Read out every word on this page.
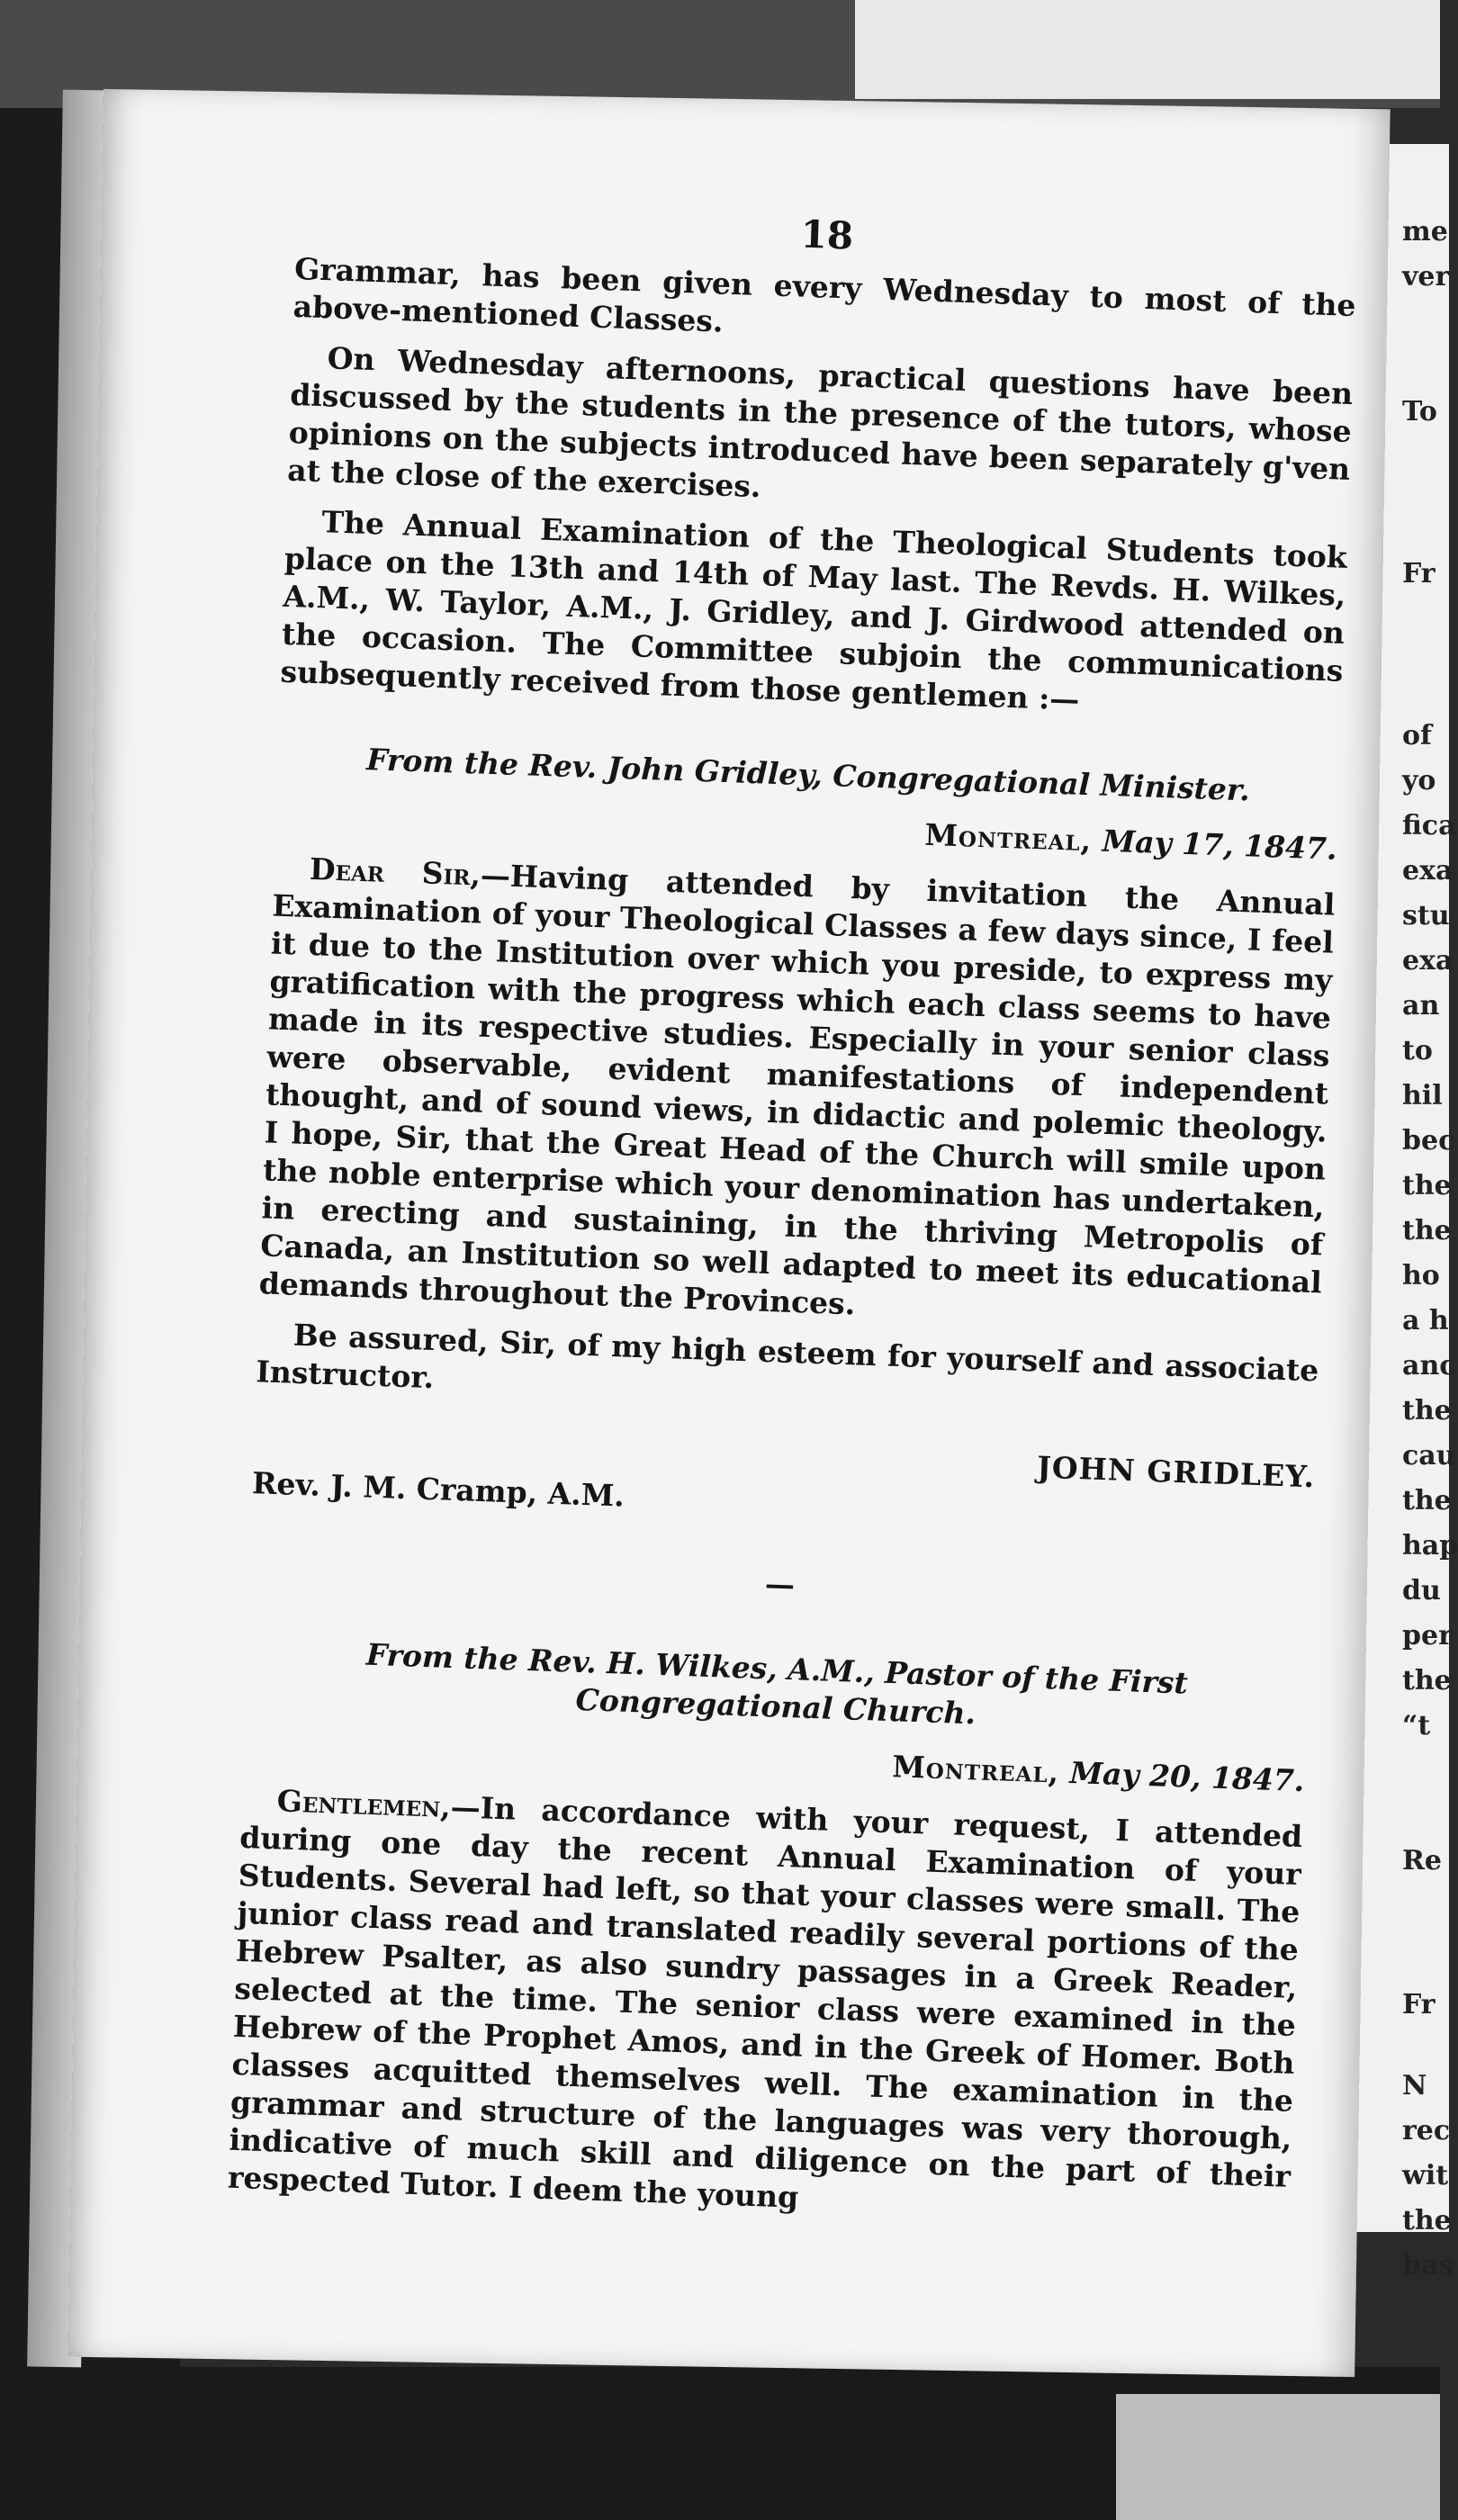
me
ver
To
Fr
of
yo
fica
exa
stu
exa
an
to
hil
bec
the
the
ho
a h
anc
the
cau
the
hap
du
per
the
“t
Re
Fr
N
rec
wit
the
bas
18

Grammar, has been given every Wednesday to most of the above-mentioned Classes.

On Wednesday afternoons, practical questions have been discussed by the students in the presence of the tutors, whose opinions on the subjects introduced have been separately g'ven at the close of the exercises.

The Annual Examination of the Theological Students took place on the 13th and 14th of May last. The Revds. H. Wilkes, A.M., W. Taylor, A.M., J. Gridley, and J. Girdwood attended on the occasion. The Committee subjoin the communications subsequently received from those gentlemen :—

From the Rev. John Gridley, Congregational Minister.
Montreal, May 17, 1847.

Dear Sir,—Having attended by invitation the Annual Examination of your Theological Classes a few days since, I feel it due to the Institution over which you preside, to express my gratification with the progress which each class seems to have made in its respective studies. Especially in your senior class were observable, evident manifestations of independent thought, and of sound views, in didactic and polemic theology. I hope, Sir, that the Great Head of the Church will smile upon the noble enterprise which your denomination has undertaken, in erecting and sustaining, in the thriving Metropolis of Canada, an Institution so well adapted to meet its educational demands throughout the Provinces.

Be assured, Sir, of my high esteem for yourself and associate Instructor.

JOHN GRIDLEY.
Rev. J. M. Cramp, A.M.
—
From the Rev. H. Wilkes, A.M., Pastor of the First Congregational Church.
Montreal, May 20, 1847.

Gentlemen,—In accordance with your request, I attended during one day the recent Annual Examination of your Students. Several had left, so that your classes were small. The junior class read and translated readily several portions of the Hebrew Psalter, as also sundry passages in a Greek Reader, selected at the time. The senior class were examined in the Hebrew of the Prophet Amos, and in the Greek of Homer. Both classes acquitted themselves well. The examination in the grammar and structure of the languages was very thorough, indicative of much skill and diligence on the part of their respected Tutor. I deem the young
